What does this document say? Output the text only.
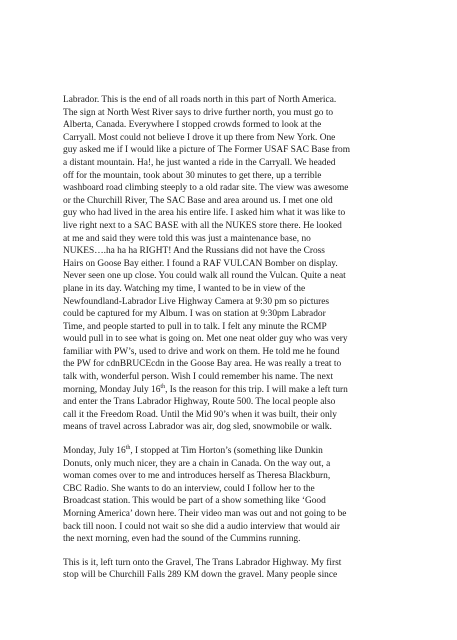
Labrador. This is the end of all roads north in this part of North America.
The sign at North West River says to drive further north, you must go to
Alberta, Canada. Everywhere I stopped crowds formed to look at the
Carryall. Most could not believe I drove it up there from New York. One
guy asked me if I would like a picture of The Former USAF SAC Base from
a distant mountain. Ha!, he just wanted a ride in the Carryall. We headed
off for the mountain, took about 30 minutes to get there, up a terrible
washboard road climbing steeply to a old radar site. The view was awesome
or the Churchill River, The SAC Base and area around us. I met one old
guy who had lived in the area his entire life. I asked him what it was like to
live right next to a SAC BASE with all the NUKES store there. He looked
at me and said they were told this was just a maintenance base, no
NUKES….ha ha ha RIGHT! And the Russians did not have the Cross
Hairs on Goose Bay either. I found a RAF VULCAN Bomber on display.
Never seen one up close. You could walk all round the Vulcan. Quite a neat
plane in its day. Watching my time, I wanted to be in view of the
Newfoundland-Labrador Live Highway Camera at 9:30 pm so pictures
could be captured for my Album. I was on station at 9:30pm Labrador
Time, and people started to pull in to talk. I felt any minute the RCMP
would pull in to see what is going on. Met one neat older guy who was very
familiar with PW’s, used to drive and work on them. He told me he found
the PW for cdnBRUCEcdn in the Goose Bay area. He was really a treat to
talk with, wonderful person. Wish I could remember his name. The next
morning, Monday July 16th, Is the reason for this trip. I will make a left turn
and enter the Trans Labrador Highway, Route 500. The local people also
call it the Freedom Road. Until the Mid 90’s when it was built, their only
means of travel across Labrador was air, dog sled, snowmobile or walk.

Monday, July 16th, I stopped at Tim Horton’s (something like Dunkin
Donuts, only much nicer, they are a chain in Canada. On the way out, a
woman comes over to me and introduces herself as Theresa Blackburn,
CBC Radio. She wants to do an interview, could I follow her to the
Broadcast station. This would be part of a show something like ‘Good
Morning America’ down here. Their video man was out and not going to be
back till noon. I could not wait so she did a audio interview that would air
the next morning, even had the sound of the Cummins running.

This is it, left turn onto the Gravel, The Trans Labrador Highway. My first
stop will be Churchill Falls 289 KM down the gravel. Many people since
